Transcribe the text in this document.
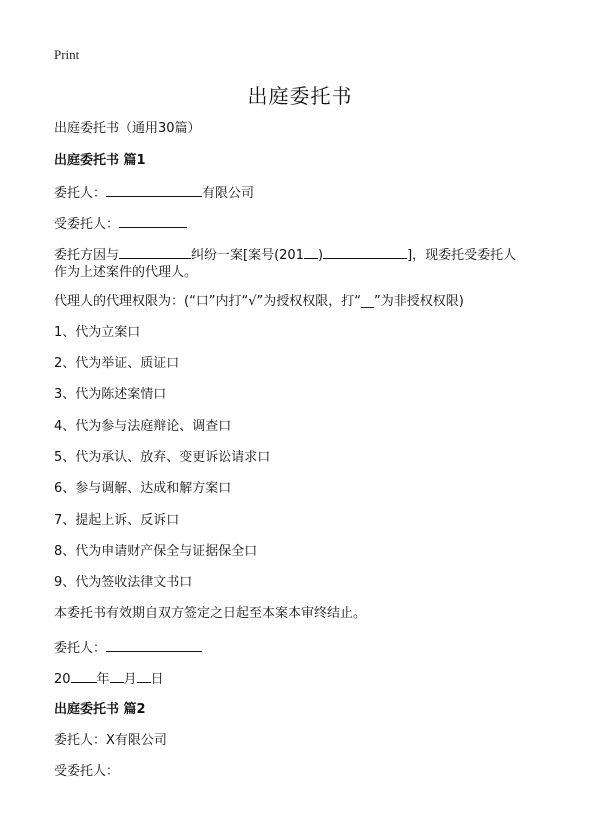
Print
出庭委托书
出庭委托书（通用30篇）
出庭委托书 篇1
委托人：	有限公司
受委托人：
委托方因与	纠纷一案[案号(201 )	]，现委托受委托人
作为上述案件的代理人。
代理人的代理权限为：(“口”内打“√”为授权权限，打“__”为非授权权限)
1、代为立案口
2、代为举证、质证口
3、代为陈述案情口
4、代为参与法庭辩论、调查口
5、代为承认、放弃、变更诉讼请求口
6、参与调解、达成和解方案口
7、提起上诉、反诉口
8、代为申请财产保全与证据保全口
9、代为签收法律文书口
本委托书有效期自双方签定之日起至本案本审终结止。
委托人：
20 年 月 日
出庭委托书 篇2
委托人：X有限公司
受委托人：
